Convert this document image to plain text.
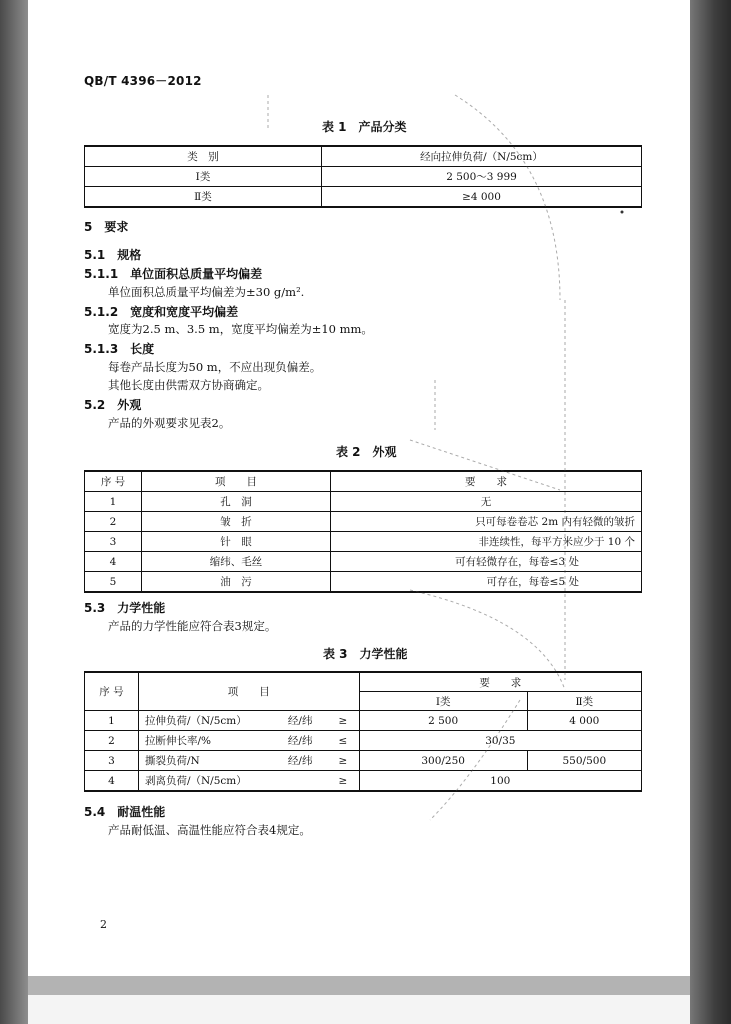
QB/T 4396－2012
表 1　产品分类
类　别	经向拉伸负荷/（N/5cm）
Ⅰ类	2 500～3 999
Ⅱ类	≥4 000
5　要求
5.1　规格
5.1.1　单位面积总质量平均偏差
单位面积总质量平均偏差为±30 g/m².
5.1.2　宽度和宽度平均偏差
宽度为2.5 m、3.5 m，宽度平均偏差为±10 mm。
5.1.3　长度
每卷产品长度为50 m，不应出现负偏差。
其他长度由供需双方协商确定。
5.2　外观
产品的外观要求见表2。
表 2　外观
序 号	项　　目	要　　求
1	孔　洞	无
2	皱　折	只可每卷卷芯 2m 内有轻微的皱折
3	针　眼	非连续性，每平方米应少于 10 个
4	缩纬、毛丝	可有轻微存在，每卷≤3 处
5	油　污	可存在，每卷≤5 处
5.3　力学性能
产品的力学性能应符合表3规定。
表 3　力学性能
序 号	项　　目			要　　求	
				Ⅰ类	Ⅱ类
1	拉伸负荷/（N/5cm）	经/纬	≥	2 500	4 000
2	拉断伸长率/%	经/纬	≤	30/35	
3	撕裂负荷/N	经/纬	≥	300/250	550/500
4	剥离负荷/（N/5cm）		≥	100	
5.4　耐温性能
产品耐低温、高温性能应符合表4规定。
2
